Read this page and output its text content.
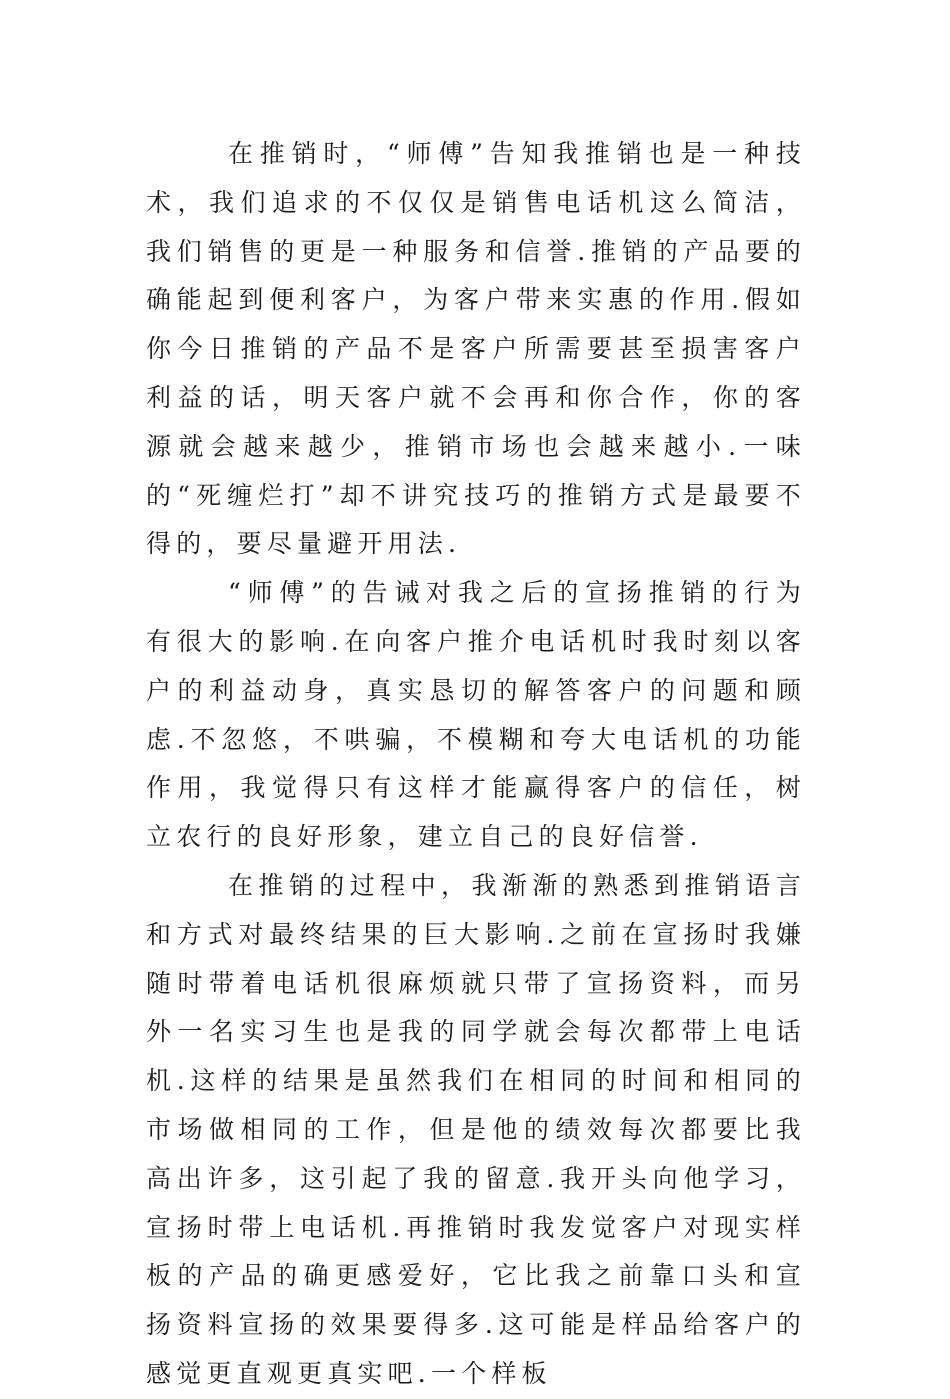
在推销时，“师傅”告知我推销也是一种技术，我们追求的不仅仅是销售电话机这么简洁，我们销售的更是一种服务和信誉.推销的产品要的确能起到便利客户，为客户带来实惠的作用.假如你今日推销的产品不是客户所需要甚至损害客户利益的话，明天客户就不会再和你合作，你的客源就会越来越少，推销市场也会越来越小.一味的“死缠烂打”却不讲究技巧的推销方式是最要不得的，要尽量避开用法.

“师傅”的告诫对我之后的宣扬推销的行为有很大的影响.在向客户推介电话机时我时刻以客户的利益动身，真实恳切的解答客户的问题和顾虑.不忽悠，不哄骗，不模糊和夸大电话机的功能作用，我觉得只有这样才能赢得客户的信任，树立农行的良好形象，建立自己的良好信誉.

在推销的过程中，我渐渐的熟悉到推销语言和方式对最终结果的巨大影响.之前在宣扬时我嫌随时带着电话机很麻烦就只带了宣扬资料，而另外一名实习生也是我的同学就会每次都带上电话机.这样的结果是虽然我们在相同的时间和相同的市场做相同的工作，但是他的绩效每次都要比我高出许多，这引起了我的留意.我开头向他学习，宣扬时带上电话机.再推销时我发觉客户对现实样板的产品的确更感爱好，它比我之前靠口头和宣扬资料宣扬的效果要得多.这可能是样品给客户的感觉更直观更真实吧.一个样板
